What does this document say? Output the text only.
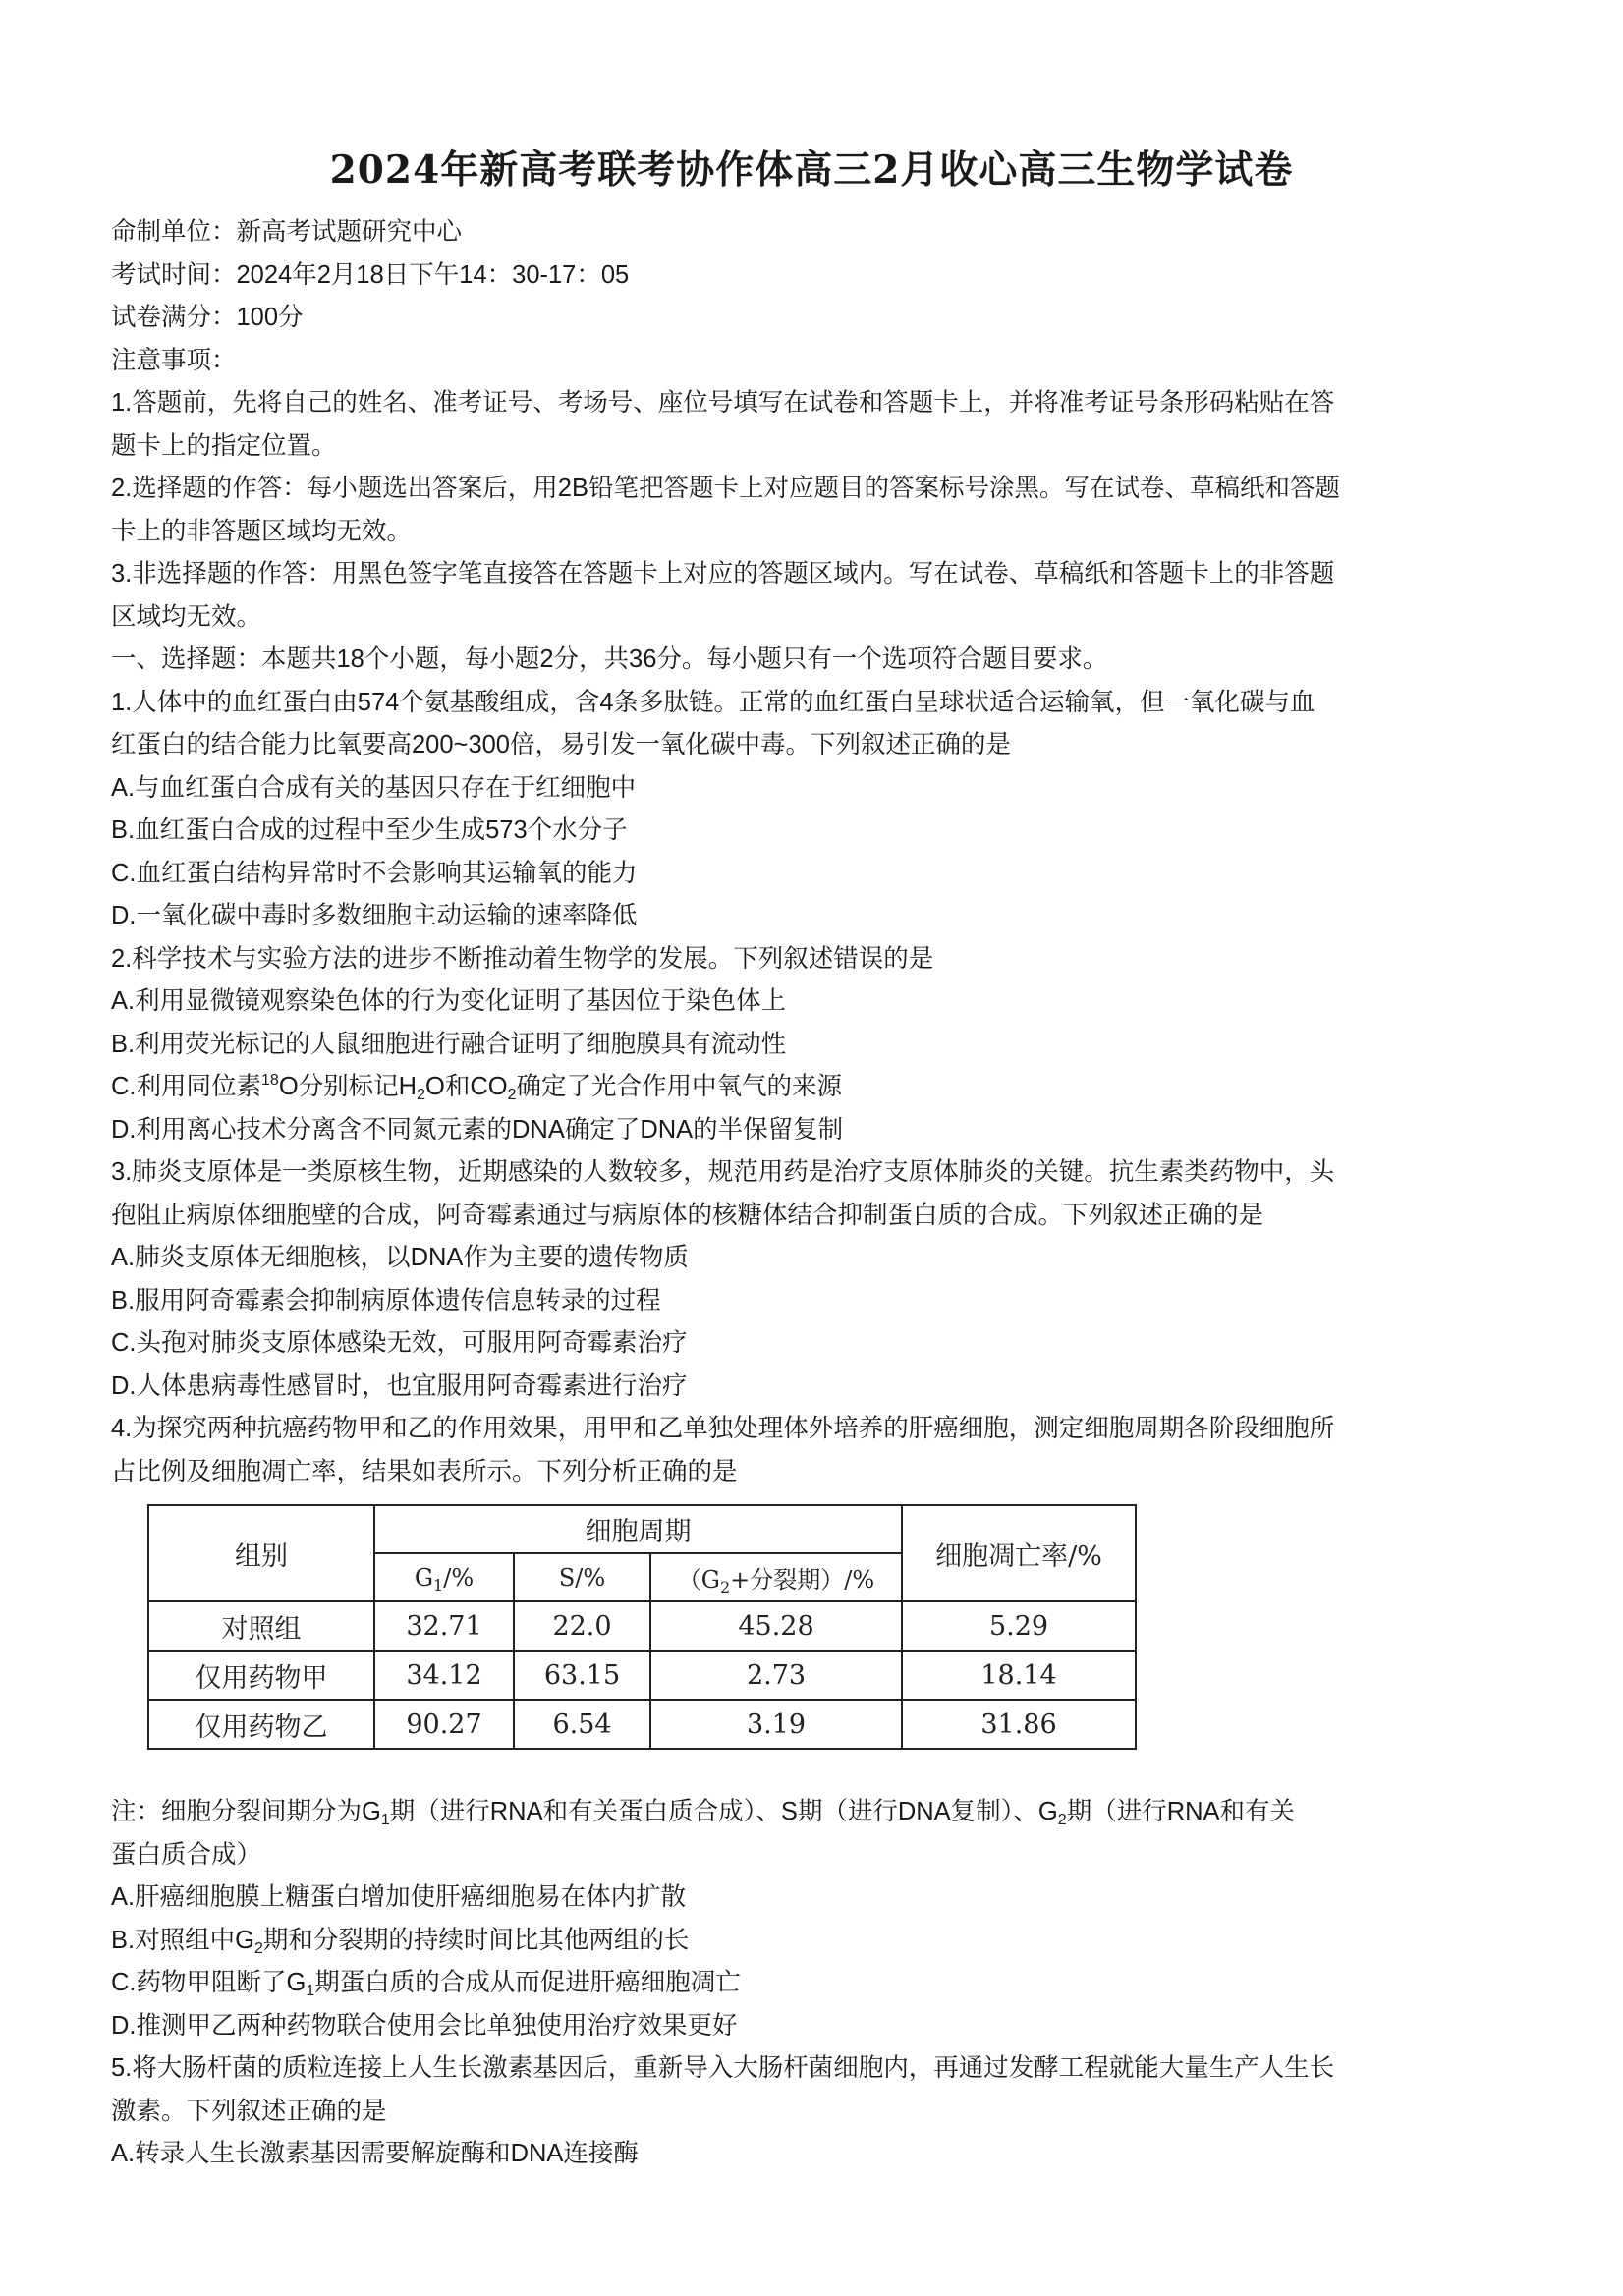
2024年新高考联考协作体高三2月收心高三生物学试卷

命制单位：新高考试题研究中心

考试时间：2024年2月18日下午14：30-17：05

试卷满分：100分

注意事项：

1.答题前，先将自己的姓名、准考证号、考场号、座位号填写在试卷和答题卡上，并将准考证号条形码粘贴在答

题卡上的指定位置。

2.选择题的作答：每小题选出答案后，用2B铅笔把答题卡上对应题目的答案标号涂黑。写在试卷、草稿纸和答题

卡上的非答题区域均无效。

3.非选择题的作答：用黑色签字笔直接答在答题卡上对应的答题区域内。写在试卷、草稿纸和答题卡上的非答题

区域均无效。

一、选择题：本题共18个小题，每小题2分，共36分。每小题只有一个选项符合题目要求。

1.人体中的血红蛋白由574个氨基酸组成，含4条多肽链。正常的血红蛋白呈球状适合运输氧，但一氧化碳与血

红蛋白的结合能力比氧要高200~300倍，易引发一氧化碳中毒。下列叙述正确的是

A.与血红蛋白合成有关的基因只存在于红细胞中

B.血红蛋白合成的过程中至少生成573个水分子

C.血红蛋白结构异常时不会影响其运输氧的能力

D.一氧化碳中毒时多数细胞主动运输的速率降低

2.科学技术与实验方法的进步不断推动着生物学的发展。下列叙述错误的是

A.利用显微镜观察染色体的行为变化证明了基因位于染色体上

B.利用荧光标记的人鼠细胞进行融合证明了细胞膜具有流动性

C.利用同位素$^{18}$O分别标记$H_2O$和$CO_2$确定了光合作用中氧气的来源

D.利用离心技术分离含不同氮元素的DNA确定了DNA的半保留复制

3.肺炎支原体是一类原核生物，近期感染的人数较多，规范用药是治疗支原体肺炎的关键。抗生素类药物中，头

孢阻止病原体细胞壁的合成，阿奇霉素通过与病原体的核糖体结合抑制蛋白质的合成。下列叙述正确的是

A.肺炎支原体无细胞核，以DNA作为主要的遗传物质

B.服用阿奇霉素会抑制病原体遗传信息转录的过程

C.头孢对肺炎支原体感染无效，可服用阿奇霉素治疗

D.人体患病毒性感冒时，也宜服用阿奇霉素进行治疗

4.为探究两种抗癌药物甲和乙的作用效果，用甲和乙单独处理体外培养的肝癌细胞，测定细胞周期各阶段细胞所

占比例及细胞凋亡率，结果如表所示。下列分析正确的是

组别	细胞周期			细胞凋亡率/%
	$G_1/\%$	S/%	（$G_2+$分裂期）/%	
对照组	32.71	22.0	45.28	5.29
仅用药物甲	34.12	63.15	2.73	18.14
仅用药物乙	90.27	6.54	3.19	31.86

注：细胞分裂间期分为$G_1$期（进行RNA和有关蛋白质合成）、S期（进行DNA复制）、$G_2$期（进行RNA和有关

蛋白质合成）

A.肝癌细胞膜上糖蛋白增加使肝癌细胞易在体内扩散

B.对照组中$G_2$期和分裂期的持续时间比其他两组的长

C.药物甲阻断了$G_1$期蛋白质的合成从而促进肝癌细胞凋亡

D.推测甲乙两种药物联合使用会比单独使用治疗效果更好

5.将大肠杆菌的质粒连接上人生长激素基因后，重新导入大肠杆菌细胞内，再通过发酵工程就能大量生产人生长

激素。下列叙述正确的是

A.转录人生长激素基因需要解旋酶和DNA连接酶
